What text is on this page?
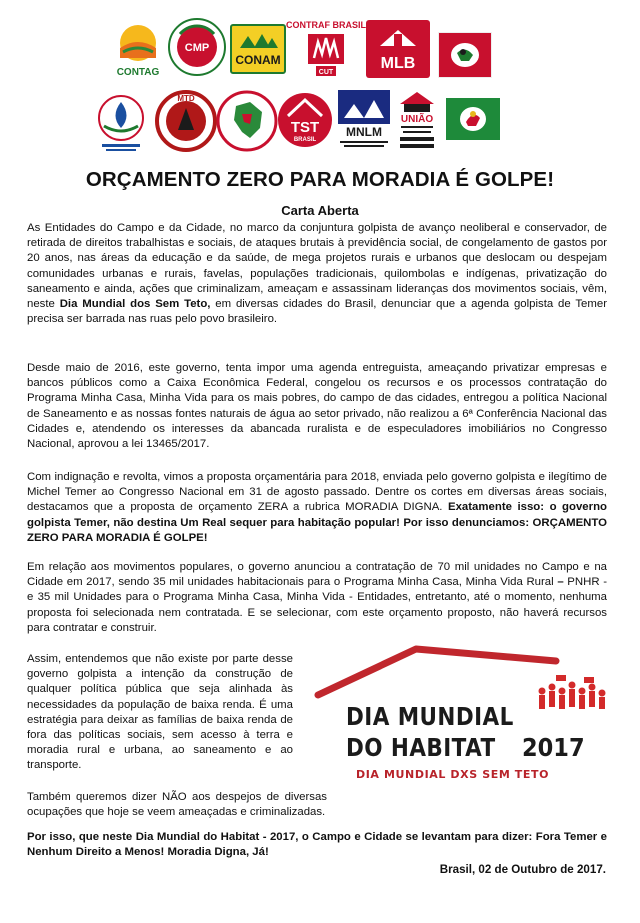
CONTAG
CMP
CONAM
CONTRAF BRASIL
CUT
MLB
MTD
TST
BRASIL
MNLM
UNIÃO
ORÇAMENTO ZERO PARA MORADIA É GOLPE!
Carta Aberta
As Entidades do Campo e da Cidade, no marco da conjuntura golpista de avanço neoliberal e conservador, de retirada de direitos trabalhistas e sociais, de ataques brutais à previdência social, de congelamento de gastos por 20 anos, nas áreas da educação e da saúde, de mega projetos rurais e urbanos que deslocam ou despejam comunidades urbanas e rurais, favelas, populações tradicionais, quilombolas e indígenas, privatização do saneamento e ainda, ações que criminalizam, ameaçam e assassinam lideranças dos movimentos sociais, vêm, neste Dia Mundial dos Sem Teto, em diversas cidades do Brasil, denunciar que a agenda golpista de Temer precisa ser barrada nas ruas pelo povo brasileiro.
Desde maio de 2016, este governo, tenta impor uma agenda entreguista, ameaçando privatizar empresas e bancos públicos como a Caixa Econômica Federal, congelou os recursos e os processos contratação do Programa Minha Casa, Minha Vida para os mais pobres, do campo de das cidades, entregou a política Nacional de Saneamento e as nossas fontes naturais de água ao setor privado, não realizou a 6ª Conferência Nacional das Cidades e, atendendo os interesses da abancada ruralista e de especuladores imobiliários no Congresso Nacional, aprovou a lei 13465/2017.
Com indignação e revolta, vimos a proposta orçamentária para 2018, enviada pelo governo golpista e ilegítimo de Michel Temer ao Congresso Nacional em 31 de agosto passado. Dentre os cortes em diversas áreas sociais, destacamos que a proposta de orçamento ZERA a rubrica MORADIA DIGNA. Exatamente isso: o governo golpista Temer, não destina Um Real sequer para habitação popular! Por isso denunciamos: ORÇAMENTO ZERO PARA MORADIA É GOLPE!
Em relação aos movimentos populares, o governo anunciou a contratação de 70 mil unidades no Campo e na Cidade em 2017, sendo 35 mil unidades habitacionais para o Programa Minha Casa, Minha Vida Rural – PNHR - e 35 mil Unidades para o Programa Minha Casa, Minha Vida - Entidades, entretanto, até o momento, nenhuma proposta foi selecionada nem contratada. E se selecionar, com este orçamento proposto, não haverá recursos para contratar e construir.
Assim, entendemos que não existe por parte desse governo golpista a intenção da construção de qualquer política pública que seja alinhada às necessidades da população de baixa renda. É uma estratégia para deixar as famílias de baixa renda de fora das políticas sociais, sem acesso à terra e moradia rural e urbana, ao saneamento e ao transporte.
Também queremos dizer NÃO aos despejos de diversas ocupações que hoje se veem ameaçadas e criminalizadas.
Por isso, que neste Dia Mundial do Habitat - 2017, o Campo e Cidade se levantam para dizer: Fora Temer e Nenhum Direito a Menos! Moradia Digna, Já!
Brasil, 02 de Outubro de 2017.
DIA MUNDIAL
DO HABITAT 2017
DIA MUNDIAL DXS SEM TETO
